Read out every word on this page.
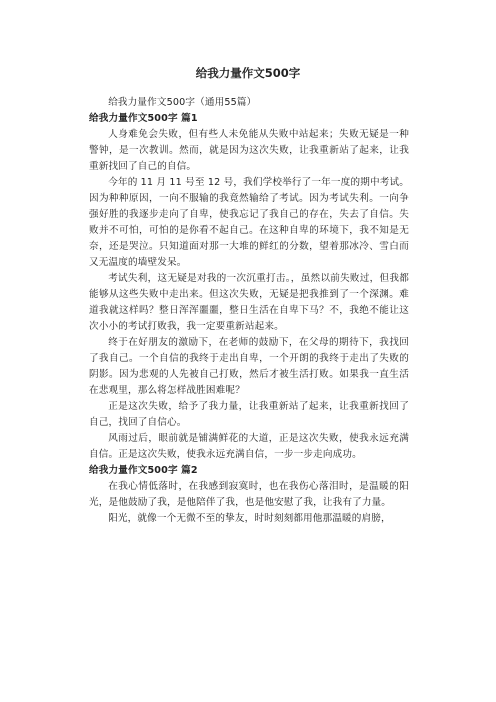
给我力量作文500字

给我力量作文500字（通用55篇）

给我力量作文500字 篇1

人身难免会失败，但有些人未免能从失败中站起来；失败无疑是一种警钟，是一次教训。然而，就是因为这次失败，让我重新站了起来，让我重新找回了自己的自信。

今年的 11 月 11 号至 12 号，我们学校举行了一年一度的期中考试。因为种种原因，一向不服输的我竟然输给了考试。因为考试失利。一向争强好胜的我逐步走向了自卑，使我忘记了我自己的存在，失去了自信。失败并不可怕，可怕的是你看不起自己。在这种自卑的环境下，我不知是无奈，还是哭泣。只知道面对那一大堆的鲜红的分数，望着那冰冷、雪白而又无温度的墙壁发呆。

考试失利，这无疑是对我的一次沉重打击。，虽然以前失败过，但我都能够从这些失败中走出来。但这次失败，无疑是把我推到了一个深渊。难道我就这样吗？整日浑浑噩噩，整日生活在自卑下马？不，我绝不能让这次小小的考试打败我，我一定要重新站起来。

终于在好朋友的激励下，在老师的鼓励下，在父母的期待下，我找回了我自己。一个自信的我终于走出自卑，一个开朗的我终于走出了失败的阴影。因为悲观的人先被自己打败，然后才被生活打败。如果我一直生活在悲观里，那么将怎样战胜困难呢？

正是这次失败，给予了我力量，让我重新站了起来，让我重新找回了自己，找回了自信心。

风雨过后，眼前就是铺满鲜花的大道，正是这次失败，使我永远充满自信。正是这次失败，使我永远充满自信，一步一步走向成功。

给我力量作文500字 篇2

在我心情低落时，在我感到寂寞时，也在我伤心落泪时，是温暖的阳光，是他鼓励了我，是他陪伴了我，也是他安慰了我，让我有了力量。

阳光，就像一个无微不至的挚友，时时刻刻都用他那温暖的肩膀，
